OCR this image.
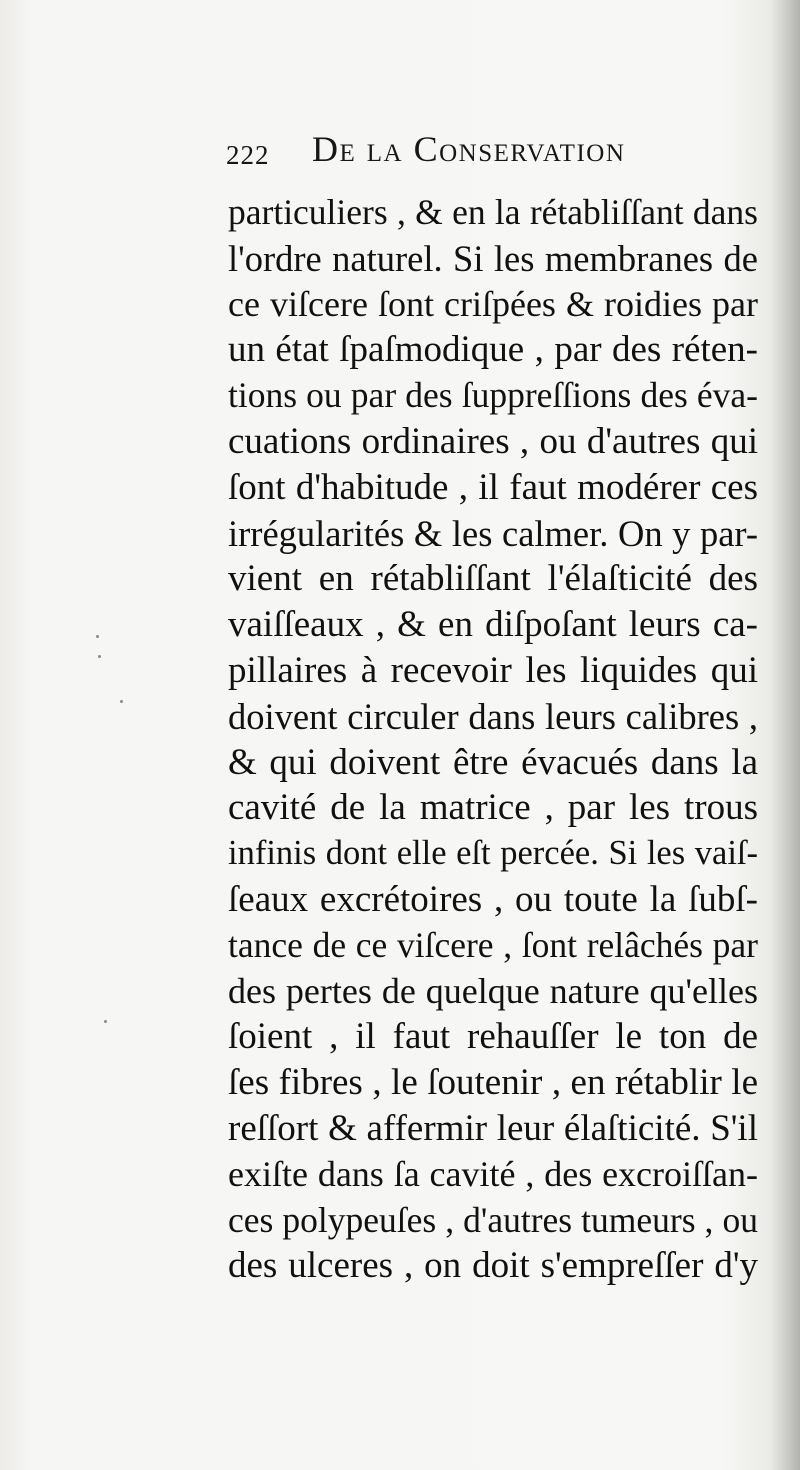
222 De la Conservation
particuliers , & en la rétabliſſant dans
l'ordre naturel. Si les membranes de
ce viſcere ſont criſpées & roidies par
un état ſpaſmodique , par des réten-
tions ou par des ſuppreſſions des éva-
cuations ordinaires , ou d'autres qui
ſont d'habitude , il faut modérer ces
irrégularités & les calmer. On y par-
vient en rétabliſſant l'élaſticité des
vaiſſeaux , & en diſpoſant leurs ca-
pillaires à recevoir les liquides qui
doivent circuler dans leurs calibres ,
& qui doivent être évacués dans la
cavité de la matrice , par les trous
infinis dont elle eſt percée. Si les vaiſ-
ſeaux excrétoires , ou toute la ſubſ-
tance de ce viſcere , ſont relâchés par
des pertes de quelque nature qu'elles
ſoient , il faut rehauſſer le ton de
ſes fibres , le ſoutenir , en rétablir le
reſſort & affermir leur élaſticité. S'il
exiſte dans ſa cavité , des excroiſſan-
ces polypeuſes , d'autres tumeurs , ou
des ulceres , on doit s'empreſſer d'y
